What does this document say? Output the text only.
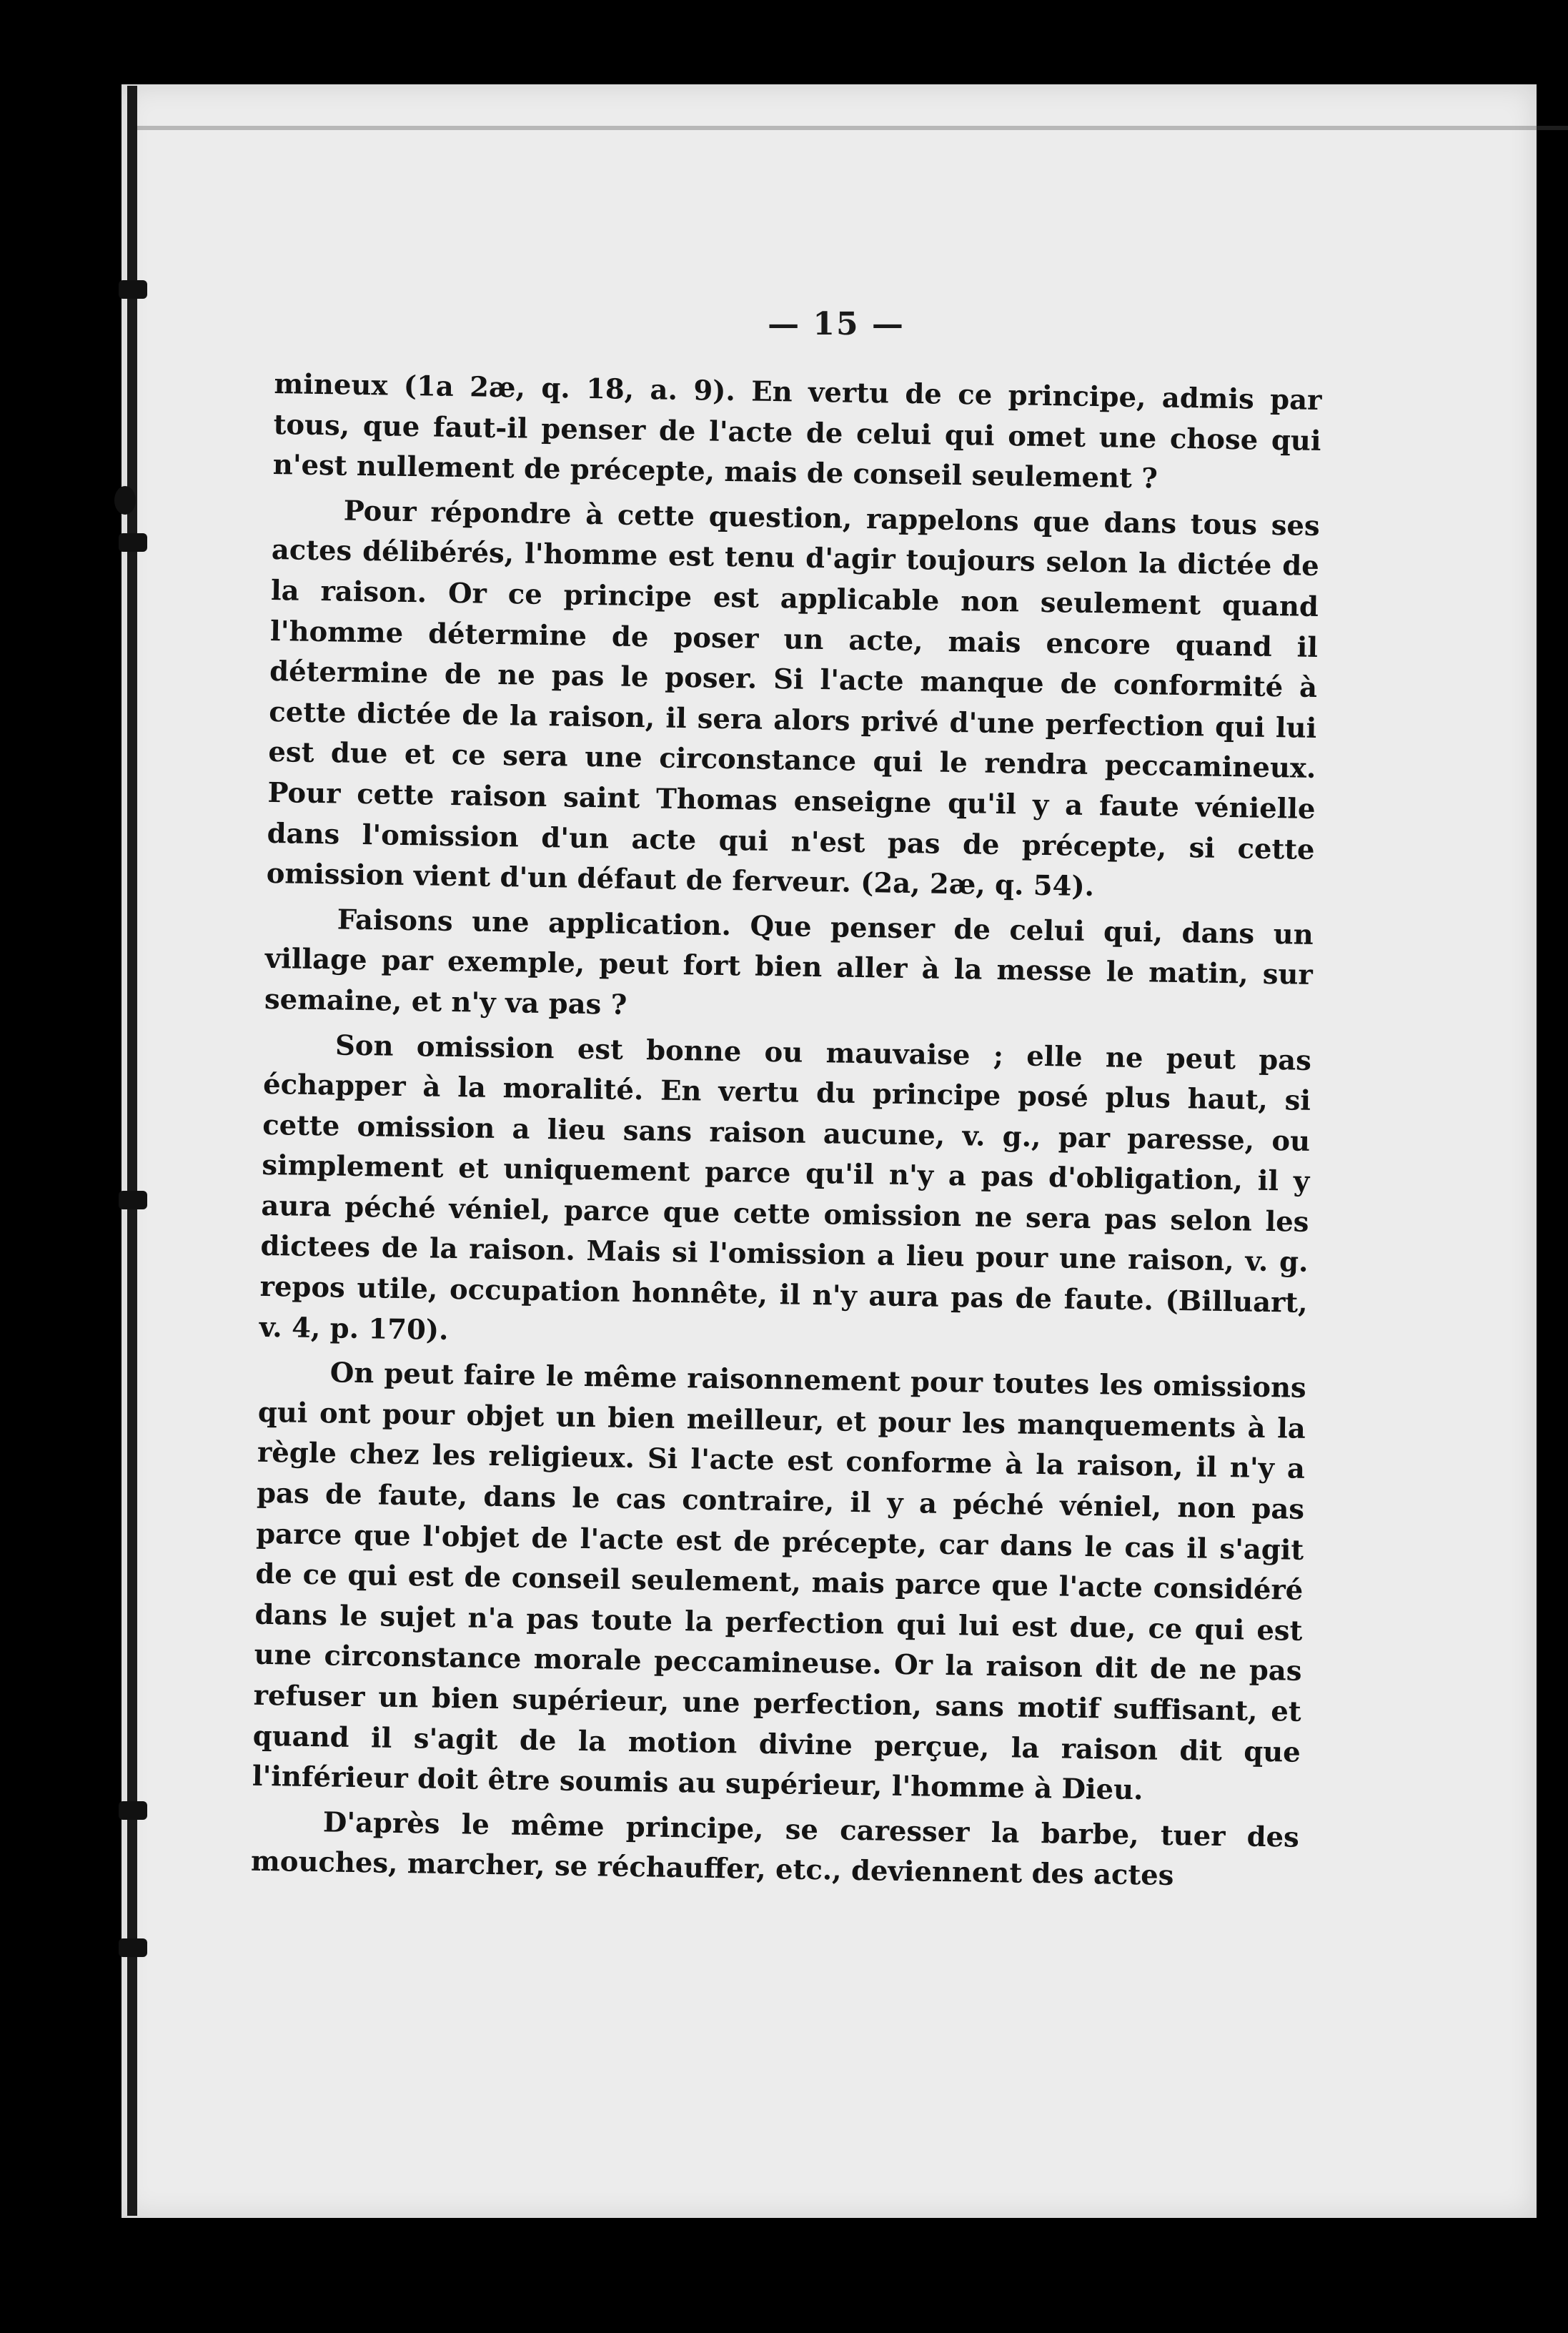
— 15 —

mineux (1a 2æ, q. 18, a. 9). En vertu de ce principe, admis par tous, que faut-il penser de l'acte de celui qui omet une chose qui n'est nullement de précepte, mais de conseil seulement ?

Pour répondre à cette question, rappelons que dans tous ses actes délibérés, l'homme est tenu d'agir toujours selon la dictée de la raison. Or ce principe est applicable non seulement quand l'homme détermine de poser un acte, mais encore quand il détermine de ne pas le poser. Si l'acte manque de conformité à cette dictée de la raison, il sera alors privé d'une perfection qui lui est due et ce sera une circonstance qui le rendra peccamineux. Pour cette raison saint Thomas enseigne qu'il y a faute vénielle dans l'omission d'un acte qui n'est pas de précepte, si cette omission vient d'un défaut de ferveur. (2a, 2æ, q. 54).

Faisons une application. Que penser de celui qui, dans un village par exemple, peut fort bien aller à la messe le matin, sur semaine, et n'y va pas ?

Son omission est bonne ou mauvaise ; elle ne peut pas échapper à la moralité. En vertu du principe posé plus haut, si cette omission a lieu sans raison aucune, v. g., par paresse, ou simplement et uniquement parce qu'il n'y a pas d'obligation, il y aura péché véniel, parce que cette omission ne sera pas selon les dictees de la raison. Mais si l'omission a lieu pour une raison, v. g. repos utile, occupation honnête, il n'y aura pas de faute. (Billuart, v. 4, p. 170).

On peut faire le même raisonnement pour toutes les omissions qui ont pour objet un bien meilleur, et pour les manquements à la règle chez les religieux. Si l'acte est conforme à la raison, il n'y a pas de faute, dans le cas contraire, il y a péché véniel, non pas parce que l'objet de l'acte est de précepte, car dans le cas il s'agit de ce qui est de conseil seulement, mais parce que l'acte considéré dans le sujet n'a pas toute la perfection qui lui est due, ce qui est une circonstance morale peccamineuse. Or la raison dit de ne pas refuser un bien supérieur, une perfection, sans motif suffisant, et quand il s'agit de la motion divine perçue, la raison dit que l'inférieur doit être soumis au supérieur, l'homme à Dieu.

D'après le même principe, se caresser la barbe, tuer des mouches, marcher, se réchauffer, etc., deviennent des actes
